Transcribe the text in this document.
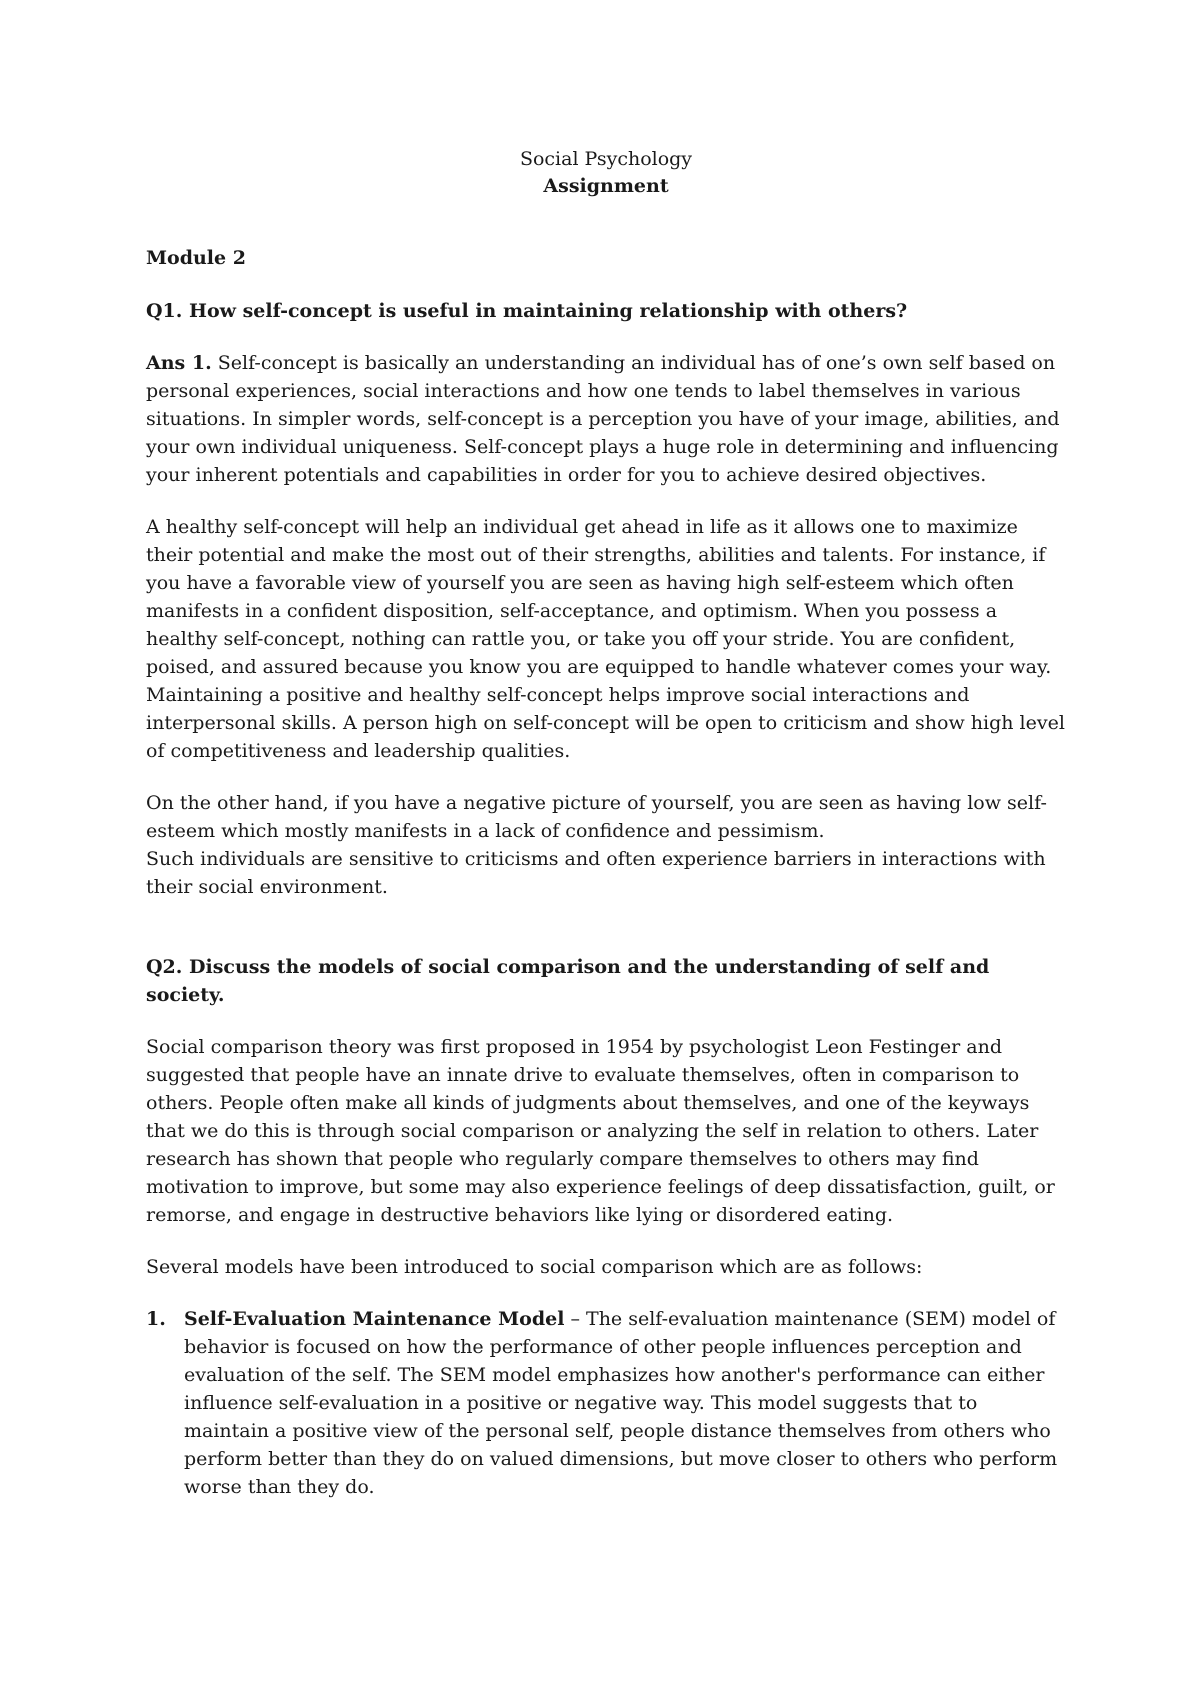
Social Psychology
Assignment
Module 2
Q1. How self-concept is useful in maintaining relationship with others?

Ans 1. Self-concept is basically an understanding an individual has of one’s own self based on personal experiences, social interactions and how one tends to label themselves in various situations. In simpler words, self-concept is a perception you have of your image, abilities, and your own individual uniqueness. Self-concept plays a huge role in determining and influencing your inherent potentials and capabilities in order for you to achieve desired objectives.

A healthy self-concept will help an individual get ahead in life as it allows one to maximize their potential and make the most out of their strengths, abilities and talents. For instance, if you have a favorable view of yourself you are seen as having high self-esteem which often manifests in a confident disposition, self-acceptance, and optimism. When you possess a healthy self-concept, nothing can rattle you, or take you off your stride. You are confident, poised, and assured because you know you are equipped to handle whatever comes your way. Maintaining a positive and healthy self-concept helps improve social interactions and interpersonal skills. A person high on self-concept will be open to criticism and show high level of competitiveness and leadership qualities.

On the other hand, if you have a negative picture of yourself, you are seen as having low self-esteem which mostly manifests in a lack of confidence and pessimism.

Such individuals are sensitive to criticisms and often experience barriers in interactions with their social environment.

Q2. Discuss the models of social comparison and the understanding of self and society.

Social comparison theory was first proposed in 1954 by psychologist Leon Festinger and suggested that people have an innate drive to evaluate themselves, often in comparison to others. People often make all kinds of judgments about themselves, and one of the keyways that we do this is through social comparison or analyzing the self in relation to others. Later research has shown that people who regularly compare themselves to others may find motivation to improve, but some may also experience feelings of deep dissatisfaction, guilt, or remorse, and engage in destructive behaviors like lying or disordered eating.

Several models have been introduced to social comparison which are as follows:

1. Self-Evaluation Maintenance Model – The self-evaluation maintenance (SEM) model of behavior is focused on how the performance of other people influences perception and evaluation of the self. The SEM model emphasizes how another's performance can either influence self-evaluation in a positive or negative way. This model suggests that to maintain a positive view of the personal self, people distance themselves from others who perform better than they do on valued dimensions, but move closer to others who perform worse than they do.
